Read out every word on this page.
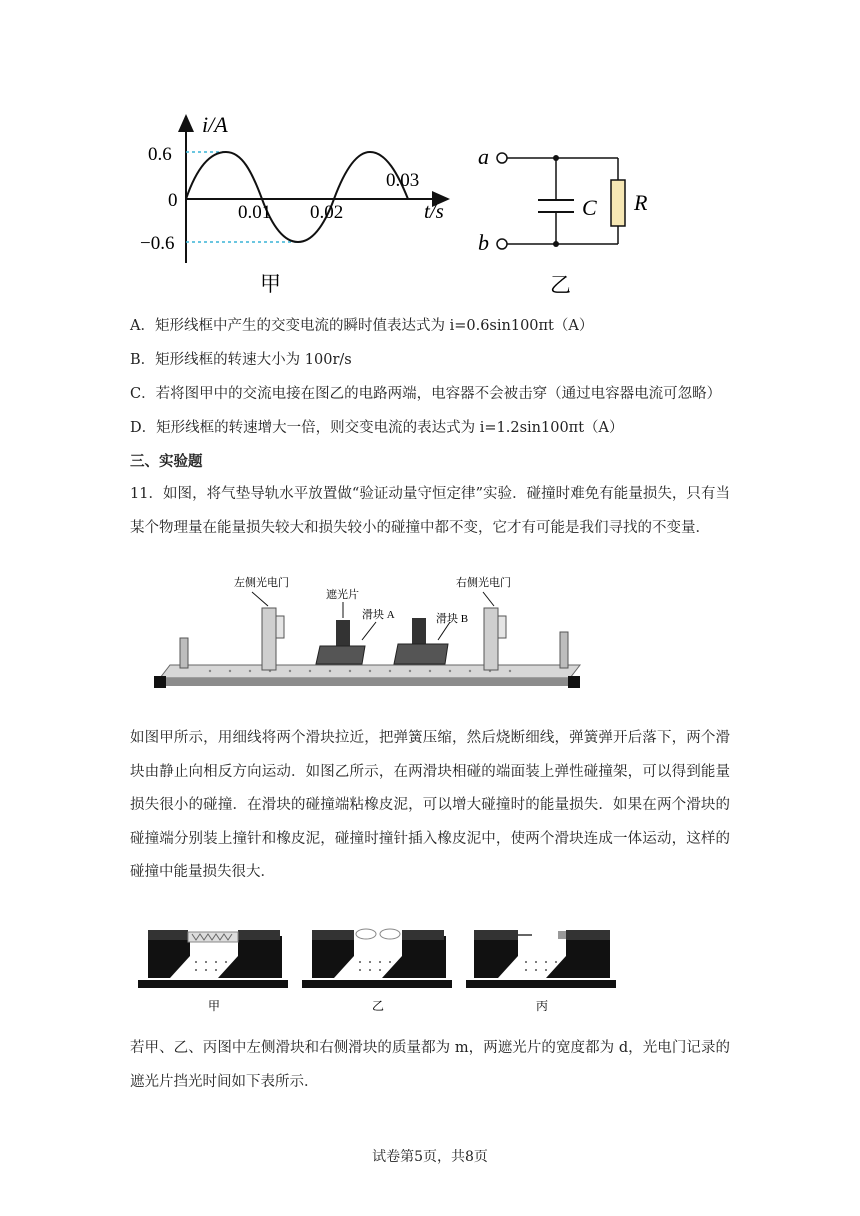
i/A
0.6
0
−0.6
0.01 0.02
0.03
t/s
甲
a
C R
b
乙
A．矩形线框中产生的交变电流的瞬时值表达式为 i=0.6sin100πt（A）
B．矩形线框的转速大小为 100r/s
C．若将图甲中的交流电接在图乙的电路两端，电容器不会被击穿（通过电容器电流可忽略）
D．矩形线框的转速增大一倍，则交变电流的表达式为 i=1.2sin100πt（A）
三、实验题
11．如图，将气垫导轨水平放置做“验证动量守恒定律”实验．碰撞时难免有能量损失，只有当某个物理量在能量损失较大和损失较小的碰撞中都不变，它才有可能是我们寻找的不变量．
左侧光电门
遮光片
滑块 A	滑块 B
右侧光电门
如图甲所示，用细线将两个滑块拉近，把弹簧压缩，然后烧断细线，弹簧弹开后落下，两个滑块由静止向相反方向运动．如图乙所示，在两滑块相碰的端面装上弹性碰撞架，可以得到能量损失很小的碰撞．在滑块的碰撞端粘橡皮泥，可以增大碰撞时的能量损失．如果在两个滑块的碰撞端分别装上撞针和橡皮泥，碰撞时撞针插入橡皮泥中，使两个滑块连成一体运动，这样的碰撞中能量损失很大．
甲	乙	丙
若甲、乙、丙图中左侧滑块和右侧滑块的质量都为 m，两遮光片的宽度都为 d，光电门记录的遮光片挡光时间如下表所示．
试卷第5页，共8页
